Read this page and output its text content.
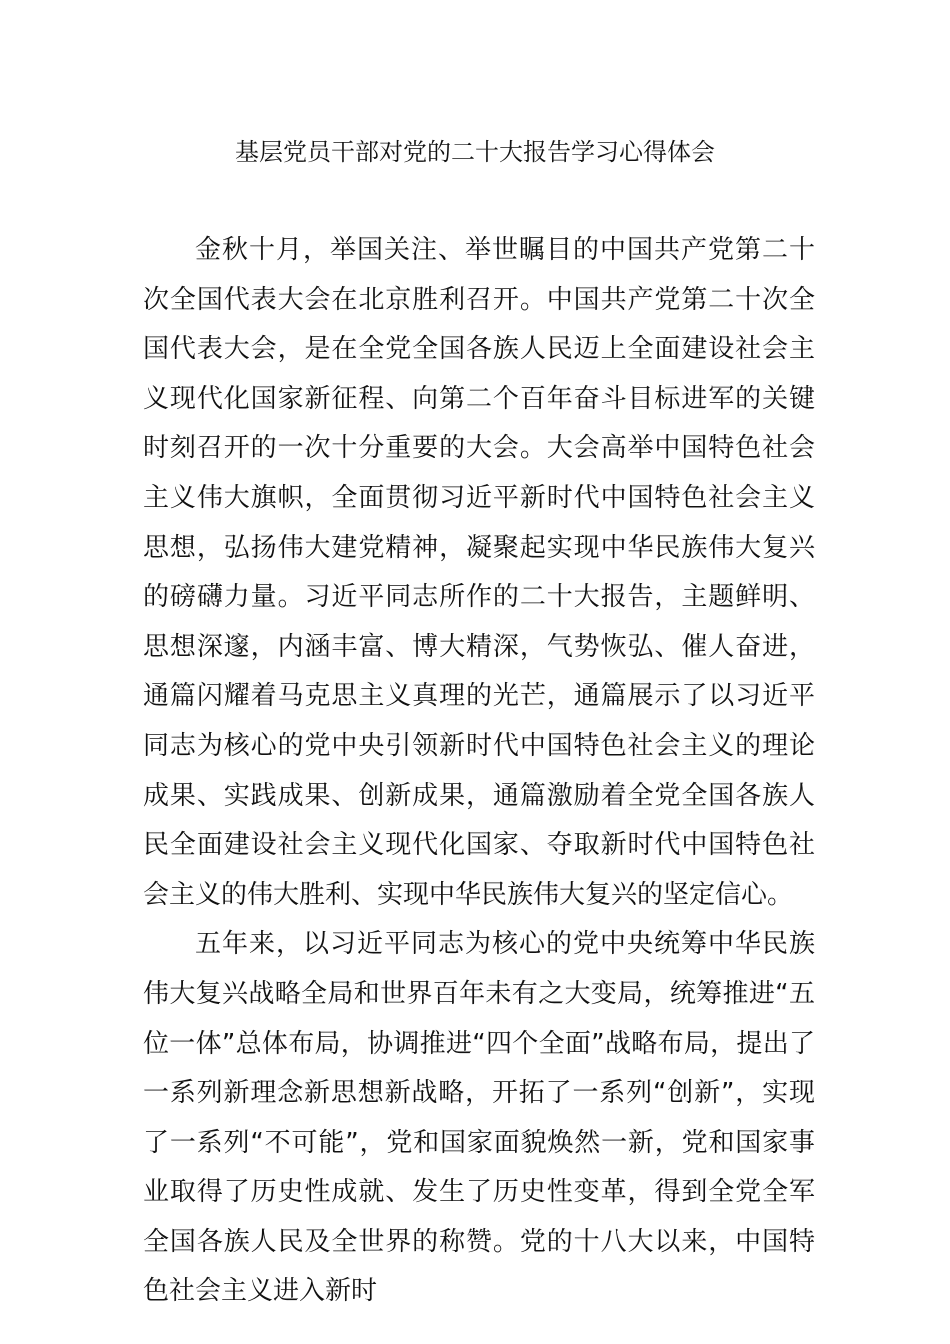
基层党员干部对党的二十大报告学习心得体会

金秋十月，举国关注、举世瞩目的中国共产党第二十次全国代表大会在北京胜利召开。中国共产党第二十次全国代表大会，是在全党全国各族人民迈上全面建设社会主义现代化国家新征程、向第二个百年奋斗目标进军的关键时刻召开的一次十分重要的大会。大会高举中国特色社会主义伟大旗帜，全面贯彻习近平新时代中国特色社会主义思想，弘扬伟大建党精神，凝聚起实现中华民族伟大复兴的磅礴力量。习近平同志所作的二十大报告，主题鲜明、思想深邃，内涵丰富、博大精深，气势恢弘、催人奋进，通篇闪耀着马克思主义真理的光芒，通篇展示了以习近平同志为核心的党中央引领新时代中国特色社会主义的理论成果、实践成果、创新成果，通篇激励着全党全国各族人民全面建设社会主义现代化国家、夺取新时代中国特色社会主义的伟大胜利、实现中华民族伟大复兴的坚定信心。

五年来，以习近平同志为核心的党中央统筹中华民族伟大复兴战略全局和世界百年未有之大变局，统筹推进“五位一体”总体布局，协调推进“四个全面”战略布局，提出了一系列新理念新思想新战略，开拓了一系列“创新”，实现了一系列“不可能”，党和国家面貌焕然一新，党和国家事业取得了历史性成就、发生了历史性变革，得到全党全军全国各族人民及全世界的称赞。党的十八大以来，中国特色社会主义进入新时
